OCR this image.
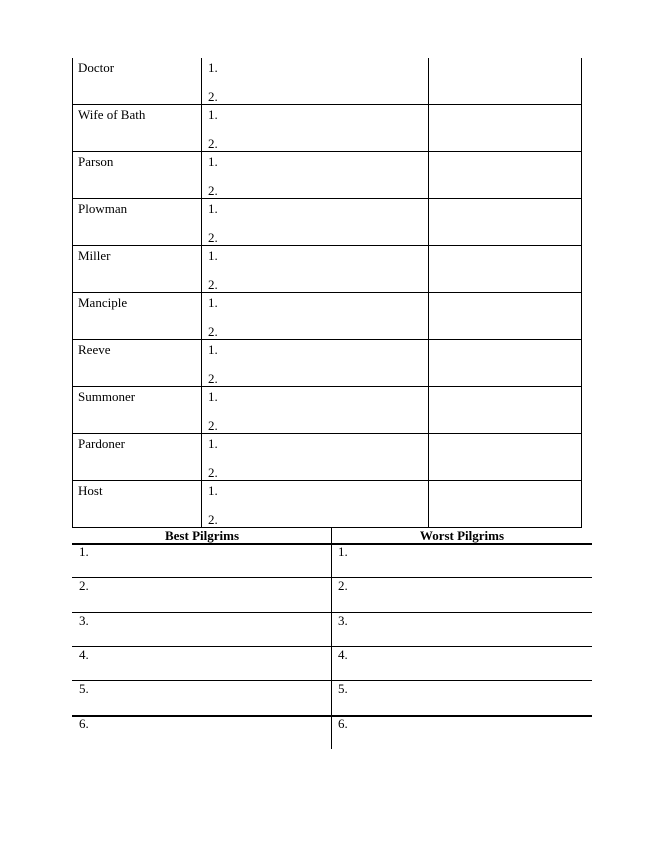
Doctor	1.
2.	

Wife of Bath	1.
2.	

Parson	1.
2.	

Plowman	1.
2.	

Miller	1.
2.	

Manciple	1.
2.	

Reeve	1.
2.	

Summoner	1.
2.	

Pardoner	1.
2.	

Host	1.
2.	

Best Pilgrims	Worst Pilgrims
1.	1.
2.	2.
3.	3.
4.	4.
5.	5.
6.	6.
